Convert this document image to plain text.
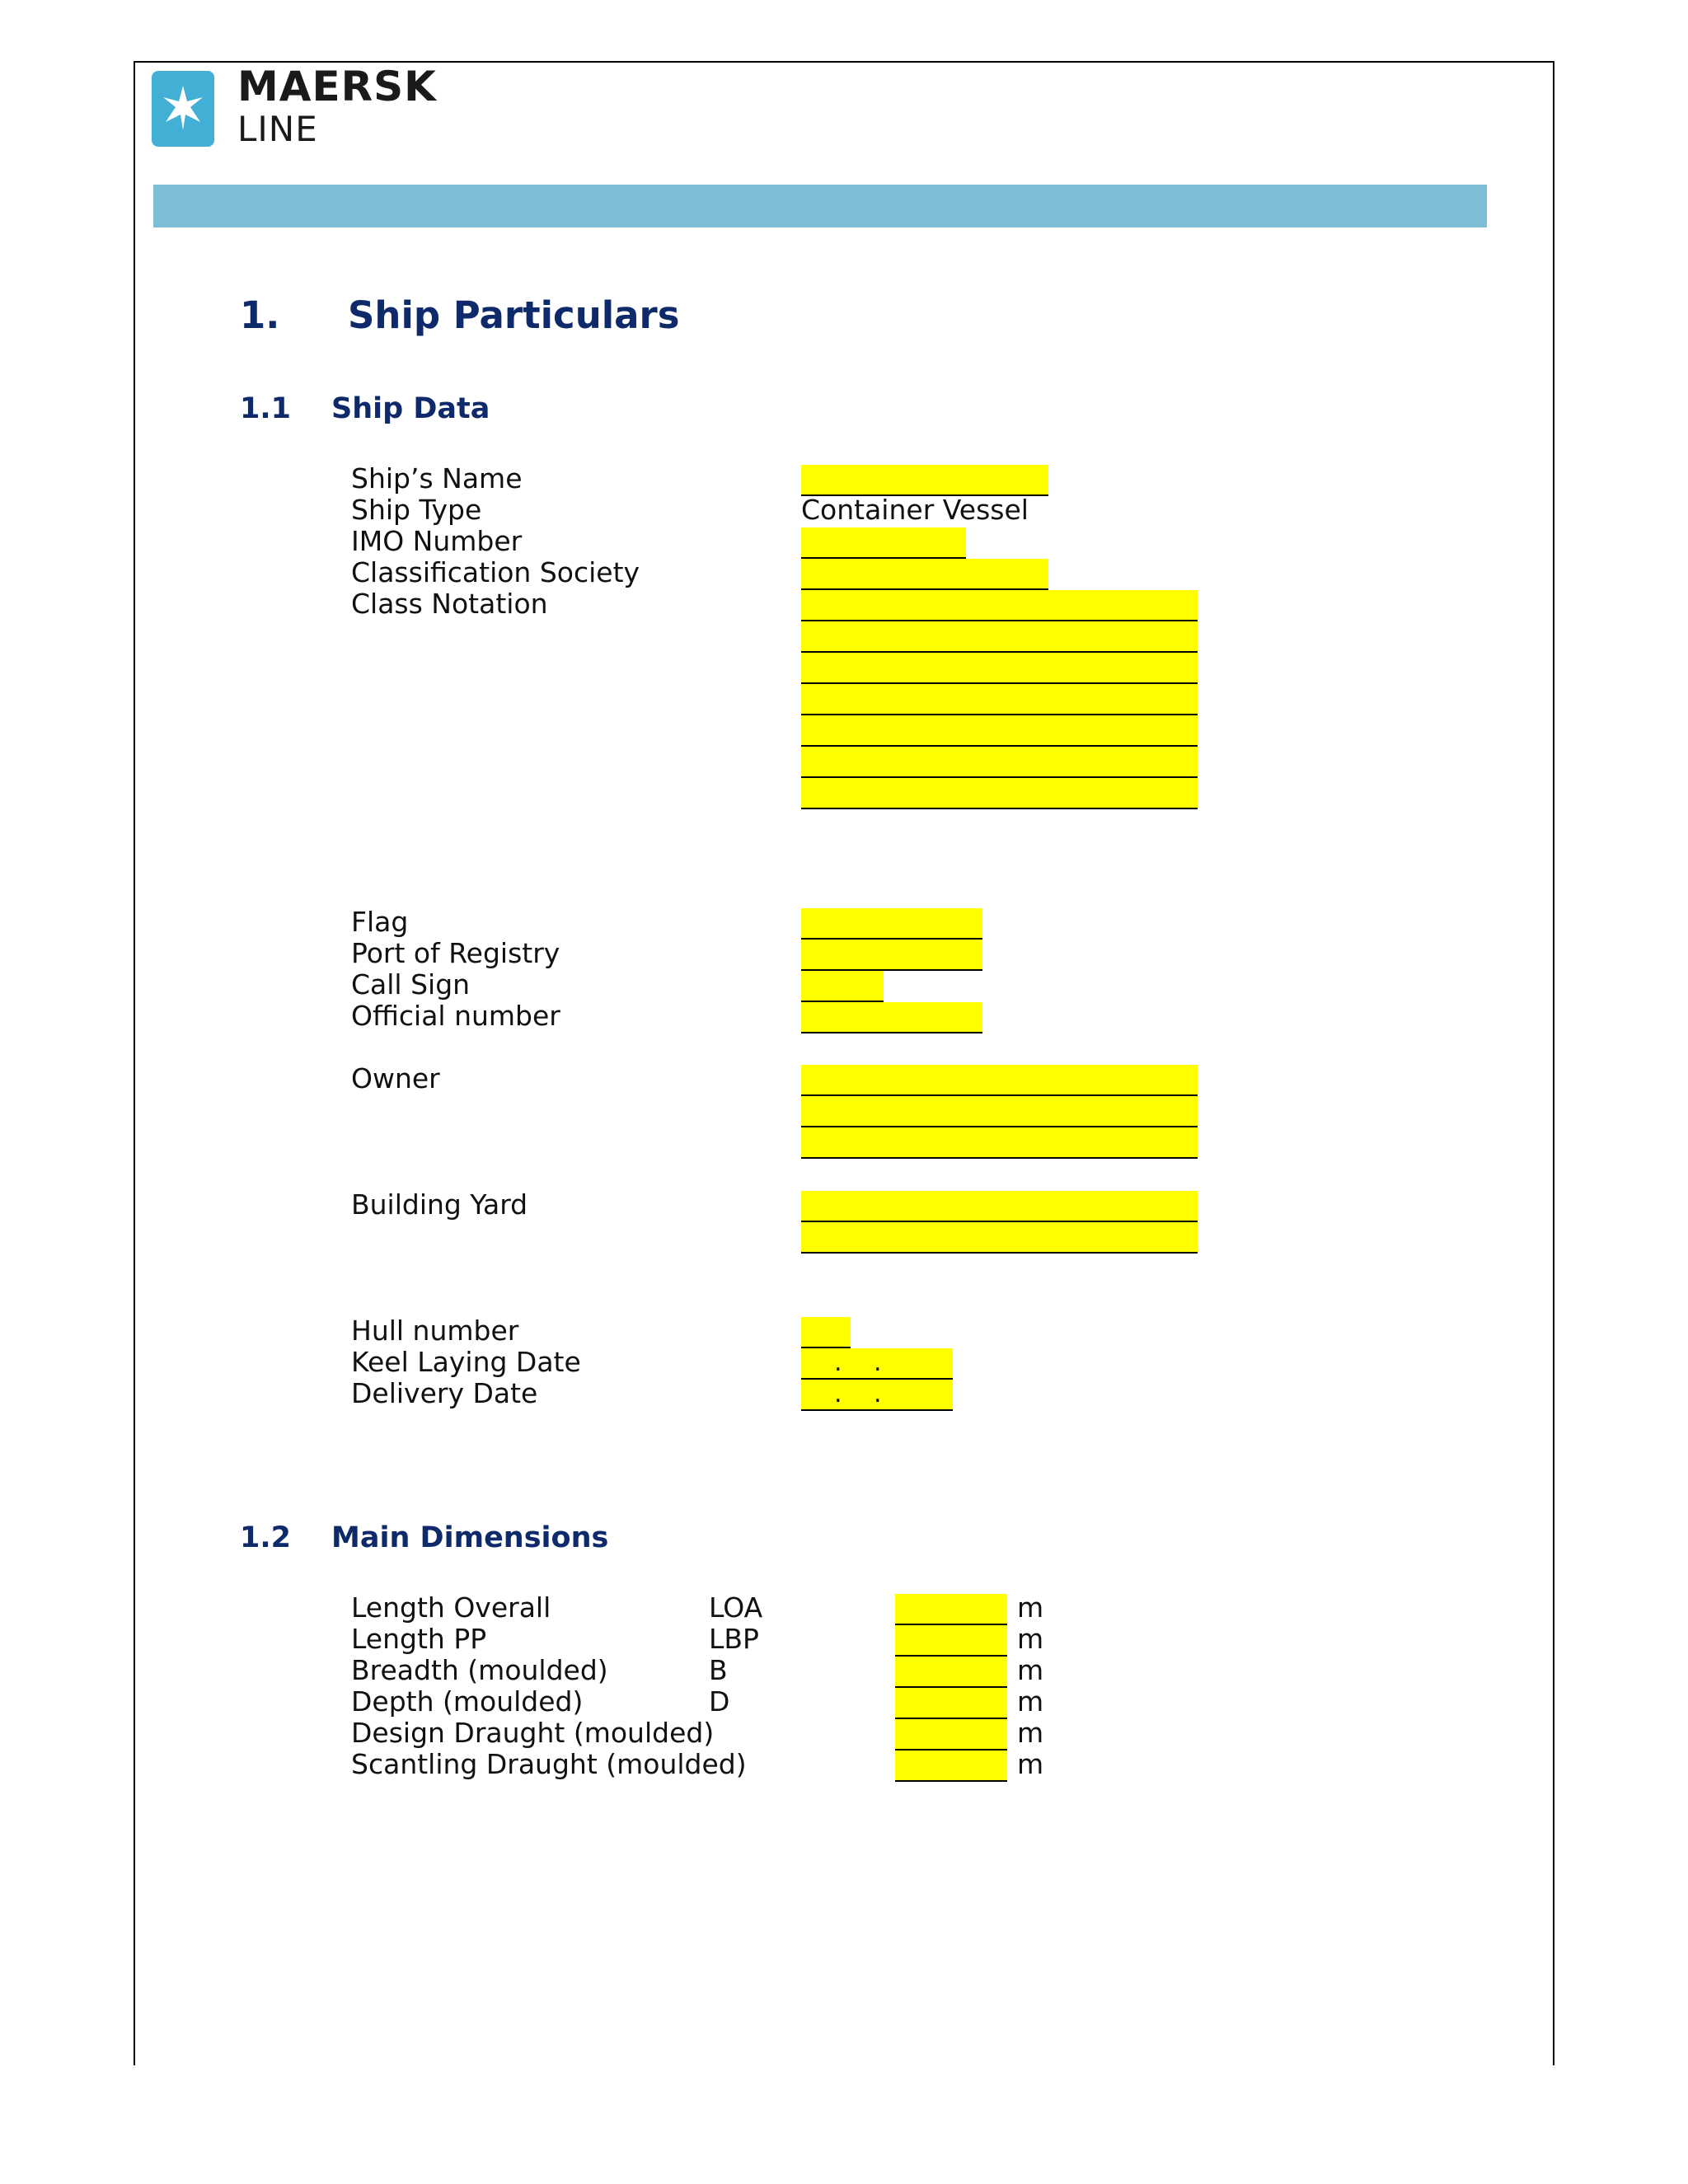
MAERSK
LINE
1. Ship Particulars
1.1 Ship Data
Ship’s Name
Ship Type
IMO Number
Classification Society
Class Notation
Container Vessel
Flag
Port of Registry
Call Sign
Official number
Owner
Building Yard
Hull number
Keel Laying Date
Delivery Date
. .
. .
1.2 Main Dimensions
Length Overall
Length PP
Breadth (moulded)
Depth (moulded)
Design Draught (moulded)
Scantling Draught (moulded)
LOA
LBP
B
D
m
m
m
m
m
m
